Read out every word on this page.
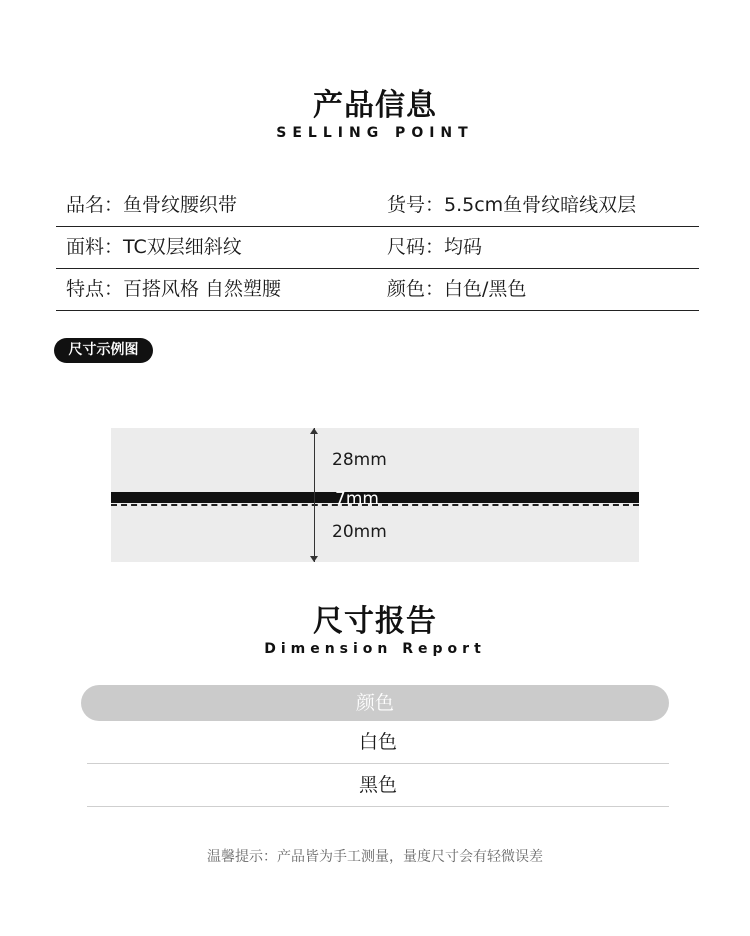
产品信息
SELLING POINT
品名：鱼骨纹腰织带	货号：5.5cm鱼骨纹暗线双层
面料：TC双层细斜纹	尺码：均码
特点：百搭风格 自然塑腰	颜色：白色/黑色
尺寸示例图
28mm
7mm
20mm
尺寸报告
Dimension Report
颜色
白色
黑色
温馨提示：产品皆为手工测量，量度尺寸会有轻微误差
